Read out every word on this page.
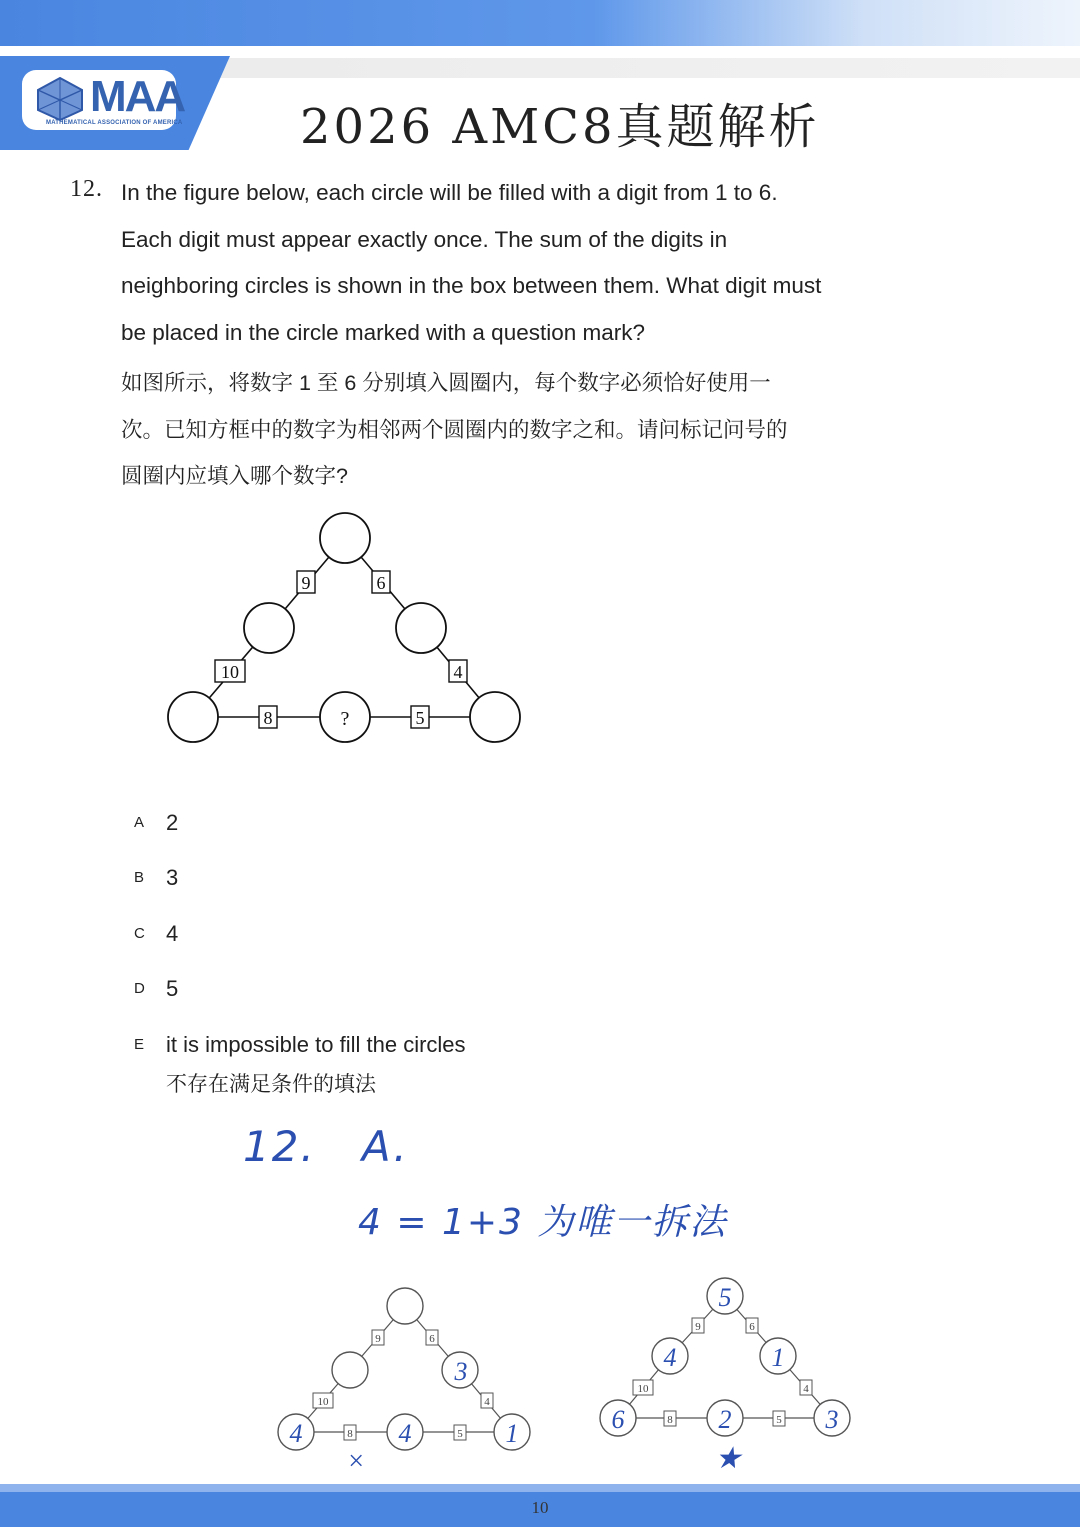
MAA
MATHEMATICAL ASSOCIATION OF AMERICA 2026 AMC8真题解析
12. In the figure below, each circle will be filled with a digit from 1 to 6.
Each digit must appear exactly once. The sum of the digits in
neighboring circles is shown in the box between them. What digit must
be placed in the circle marked with a question mark?
如图所示，将数字 1 至 6 分别填入圆圈内，每个数字必须恰好使用一
次。已知方框中的数字为相邻两个圆圈内的数字之和。请问标记问号的
圆圈内应填入哪个数字?
9	6
10	4
8	5
?
A 2
B 3
C 4
D 5
E it is impossible to fill the circles
不存在满足条件的填法
12.   A.
4 = 1+3 为唯一拆法
9	6
10	4
8	5
3
4	4	1
×
9	6
10	4
8	5
5
4	1
6	2	3
★
10
